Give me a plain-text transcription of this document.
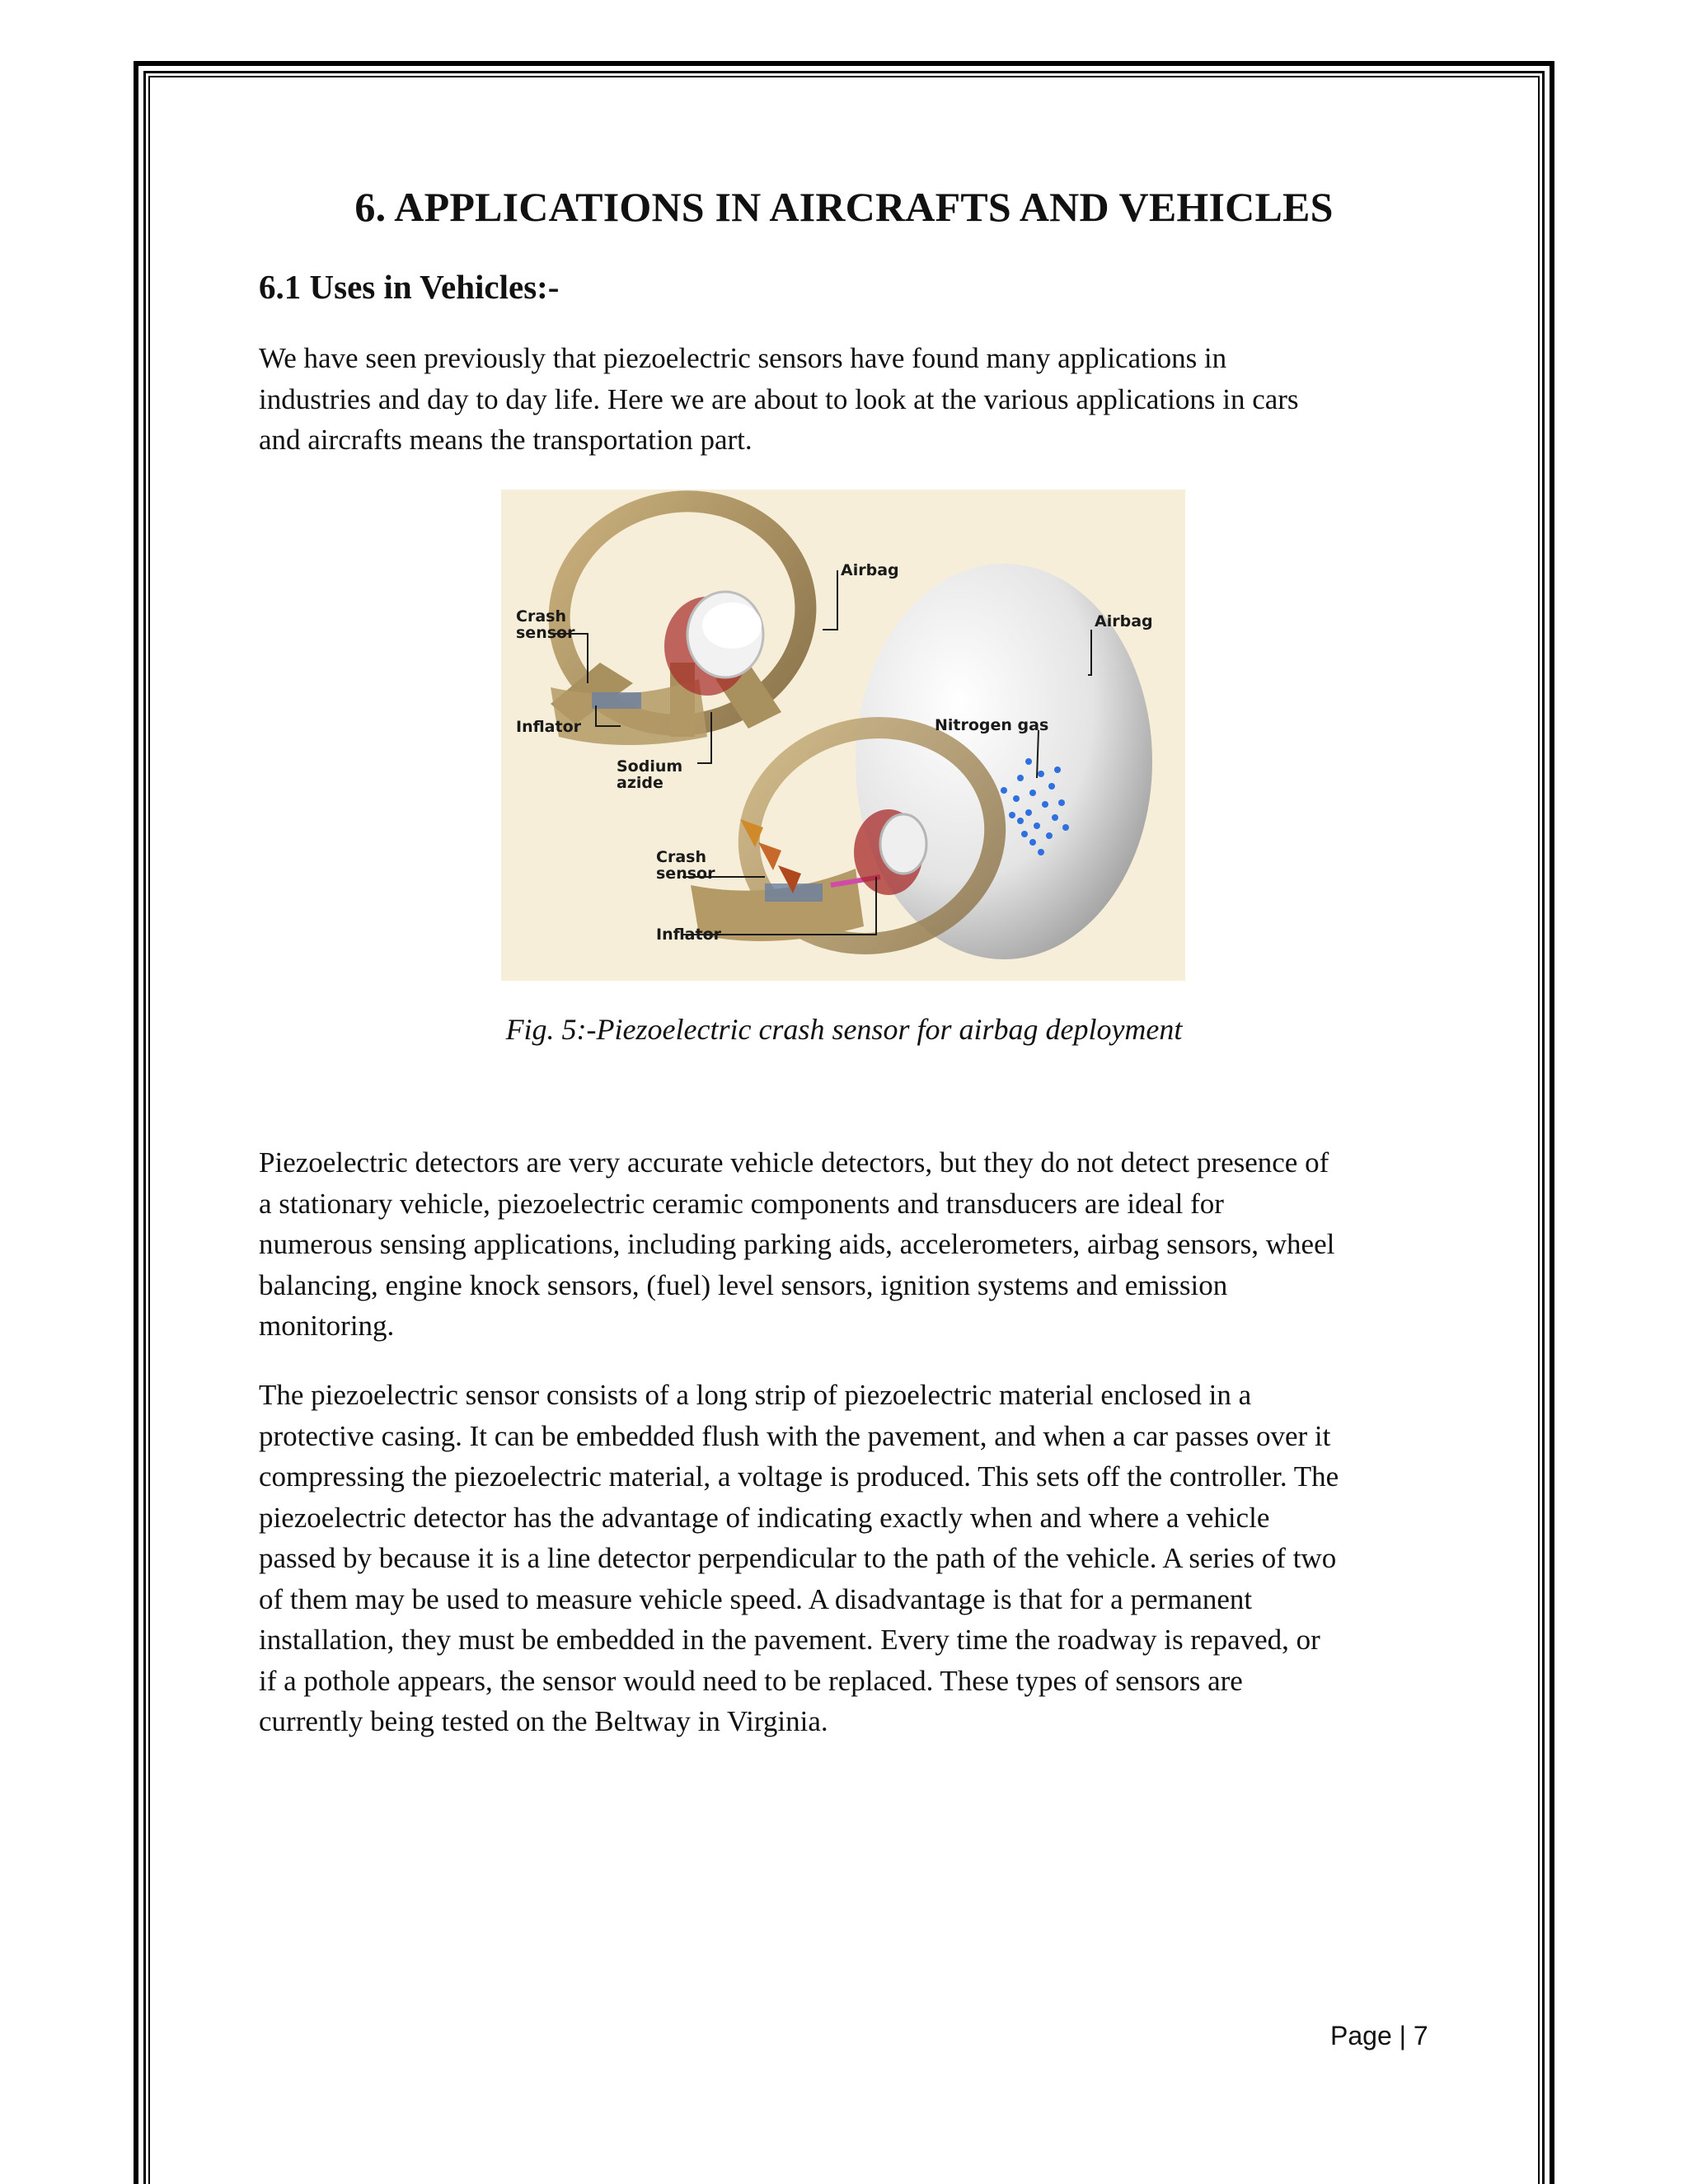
6. APPLICATIONS IN AIRCRAFTS AND VEHICLES
6.1 Uses in Vehicles:-

We have seen previously that piezoelectric sensors have found many applications in
industries and day to day life. Here we are about to look at the various applications in cars
and aircrafts means the transportation part.

Airbag
Airbag
Crash
sensor
Inflator
Sodium
azide
Nitrogen gas
Crash
sensor
Inflator

Fig. 5:-Piezoelectric crash sensor for airbag deployment

Piezoelectric detectors are very accurate vehicle detectors, but they do not detect presence of
a stationary vehicle, piezoelectric ceramic components and transducers are ideal for
numerous sensing applications, including parking aids, accelerometers, airbag sensors, wheel
balancing, engine knock sensors, (fuel) level sensors, ignition systems and emission
monitoring.

The piezoelectric sensor consists of a long strip of piezoelectric material enclosed in a
protective casing. It can be embedded flush with the pavement, and when a car passes over it
compressing the piezoelectric material, a voltage is produced. This sets off the controller. The
piezoelectric detector has the advantage of indicating exactly when and where a vehicle
passed by because it is a line detector perpendicular to the path of the vehicle. A series of two
of them may be used to measure vehicle speed. A disadvantage is that for a permanent
installation, they must be embedded in the pavement. Every time the roadway is repaved, or
if a pothole appears, the sensor would need to be replaced. These types of sensors are
currently being tested on the Beltway in Virginia.

Page | 7
